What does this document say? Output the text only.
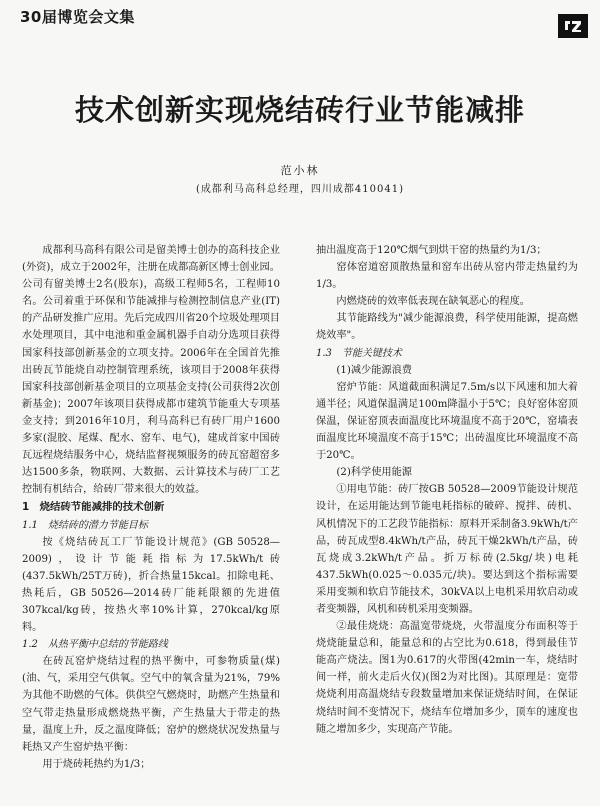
30届博览会文集
技术创新实现烧结砖行业节能减排
范小林
(成都利马高科总经理，四川成都410041)

成都利马高科有限公司是留美博士创办的高科技企业(外资)，成立于2002年，注册在成都高新区博士创业园。公司有留美博士2名(股东)，高级工程师5名，工程师10名。公司着重于环保和节能减排与检测控制信息产业(IT)的产品研发推广应用。先后完成四川省20个垃圾处理项目水处理项目，其中电池和重金属机器手自动分选项目获得国家科技部创新基金的立项支持。2006年在全国首先推出砖瓦节能烧自动控制管理系统，该项目于2008年获得国家科技部创新基金项目的立项基金支持(公司获得2次创新基金)；2007年该项目获得成都市建筑节能重大专项基金支持；到2016年10月，利马高科已有砖厂用户1600多家(混胶、尾煤、配水、窑车、电气)，建成首家中国砖瓦远程烧结服务中心，烧结监督视频服务的砖瓦窑超窑多达1500多条，物联网、大数据、云计算技术与砖厂工艺控制有机结合，给砖厂带来很大的效益。

1　烧结砖节能减排的技术创新
1.1　烧结砖的潜力节能目标

按《烧结砖瓦工厂节能设计规范》(GB 50528—2009)，设计节能耗指标为17.5kWh/t砖(437.5kWh/25T万砖)，折合热量15kcal。扣除电耗、热耗后，GB 50526—2014砖厂能耗限额的先进值307kcal/kg砖，按热火率10%计算，270kcal/kg原料。

1.2　从热平衡中总结的节能路线

在砖瓦窑炉烧结过程的热平衡中，可参物质量(煤)(油、气，采用空气供氧。空气中的氧含量为21%，79%为其他不助燃的气体。供供空气燃烧时，助燃产生热量和空气带走热量形成燃烧热平衡，产生热量大于带走的热量，温度上升，反之温度降低；窑炉的燃烧状况发热量与耗热又产生窑炉热平衡：

用于烧砖耗热约为1/3；

抽出温度高于120℃烟气到烘干窑的热量约为1/3；

窑体窑道窑顶散热量和窑车出砖从窑内带走热量约为1/3。

内燃烧砖的效率低表现在缺氧恶心的程度。

其节能路线为"减少能源浪费，科学使用能源，提高燃烧效率"。

1.3　节能关键技术
(1)减少能源浪费

窑炉节能：风道截面积满足7.5m/s以下风速和加大着通半径；风道保温满足100m降温小于5℃；良好窑体窑顶保温，保证窑顶表面温度比环境温度不高于20℃，窑墙表面温度比环境温度不高于15℃；出砖温度比环境温度不高于20℃。

(2)科学使用能源

①用电节能：砖厂按GB 50528—2009节能设计规范设计，在运用能达到节能电耗指标的破碎、搅拌、砖机、风机情况下的工艺段节能指标：原料开采制备3.9kWh/t产品，砖瓦成型8.4kWh/t产品，砖瓦干燥2kWh/t产品，砖瓦烧成3.2kWh/t产品。折万标砖(2.5kg/块)电耗437.5kWh(0.025～0.035元/块)。要达到这个指标需要采用变频和软启节能技术，30kVA以上电机采用软启动或者变频器，风机和砖机采用变频器。

②最佳烧烧：高温宽带烧烧，火带温度分布面积等于烧烧能量总和，能量总和的占空比为0.618，得到最佳节能高产烧法。图1为0.617的火带图(42min一车，烧结时间一样，前火走后火仅)(图2为对比图)。其原理是：宽带烧烧利用高温烧结专段数量增加来保证烧结时间，在保证烧结时间不变情况下，烧结车位增加多少，顶车的速度也随之增加多少，实现高产节能。
